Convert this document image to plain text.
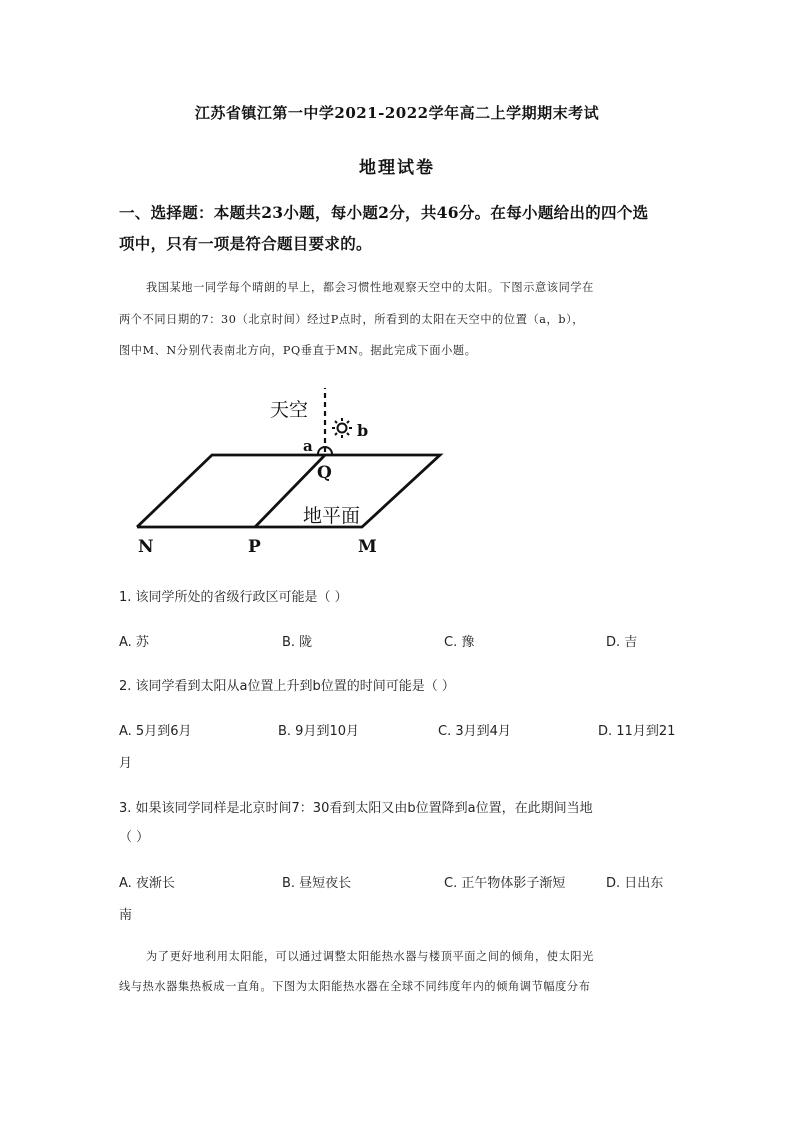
江苏省镇江第一中学2021-2022学年高二上学期期末考试
地理试卷
一、选择题：本题共23小题，每小题2分，共46分。在每小题给出的四个选
项中，只有一项是符合题目要求的。
我国某地一同学每个晴朗的早上，都会习惯性地观察天空中的太阳。下图示意该同学在
两个不同日期的7：30（北京时间）经过P点时，所看到的太阳在天空中的位置（a，b），
图中M、N分别代表南北方向，PQ垂直于MN。据此完成下面小题。
天空
b
a
Q
地平面
N	P	M
1. 该同学所处的省级行政区可能是（ ）
A. 苏	B. 陇	C. 豫	D. 吉
2. 该同学看到太阳从a位置上升到b位置的时间可能是（ ）
A. 5月到6月	B. 9月到10月	C. 3月到4月	D. 11月到21
月
3. 如果该同学同样是北京时间7：30看到太阳又由b位置降到a位置，在此期间当地
（ ）
A. 夜渐长	B. 昼短夜长	C. 正午物体影子渐短	D. 日出东
南
为了更好地利用太阳能，可以通过调整太阳能热水器与楼顶平面之间的倾角，使太阳光
线与热水器集热板成一直角。下图为太阳能热水器在全球不同纬度年内的倾角调节幅度分布
